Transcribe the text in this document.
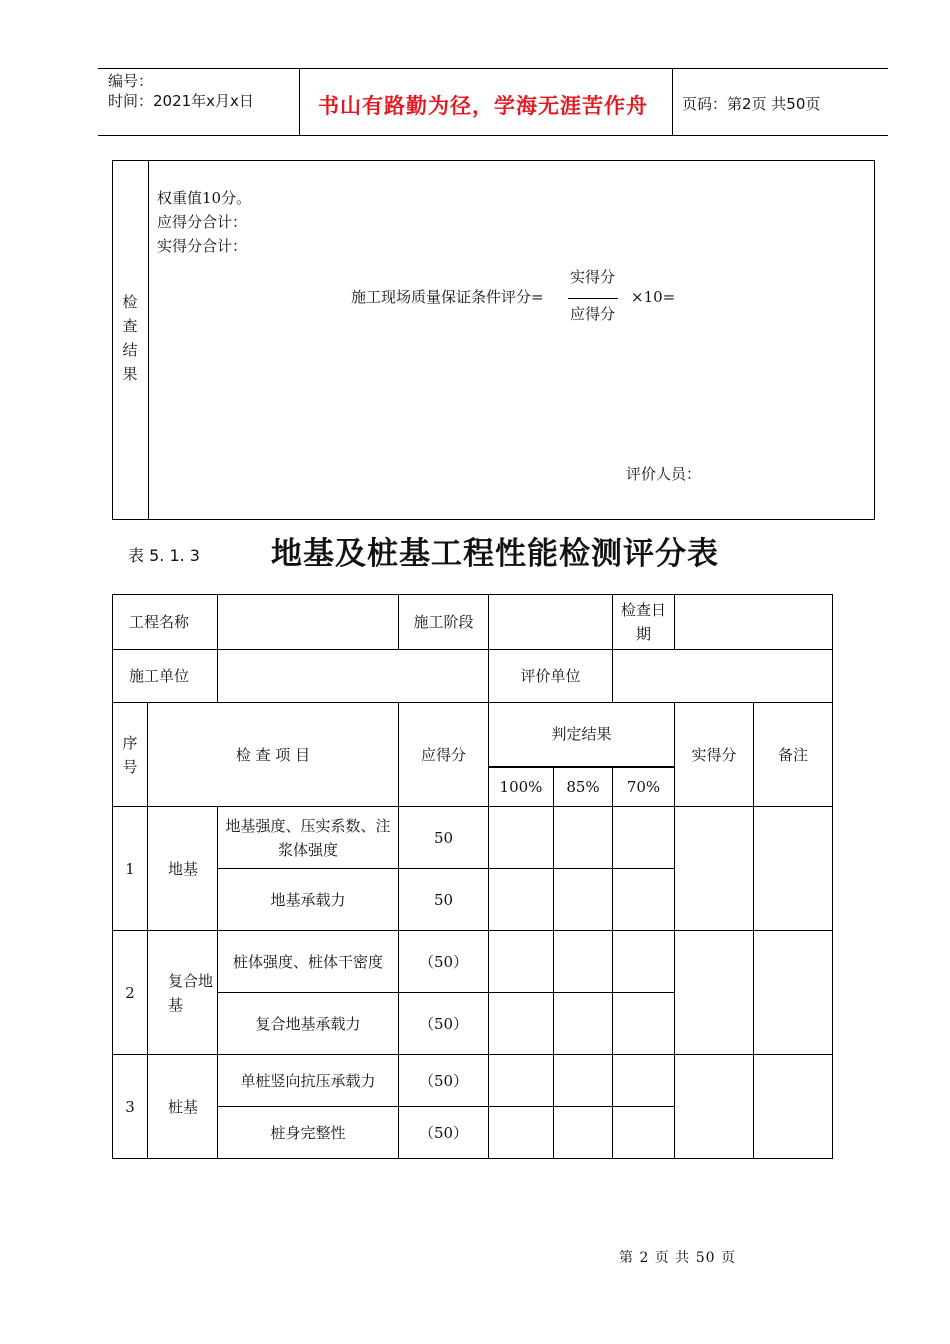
编号：
时间：2021年x月x日	书山有路勤为径，学海无涯苦作舟 页码：第2页 共50页
检
查
结
果
权重值10分。
应得分合计：
实得分合计：
施工现场质量保证条件评分=
实得分
应得分
×10=
评价人员：
表 5. 1. 3 地基及桩基工程性能检测评分表
工程名称			施工阶段			检查日期		
施工单位				评价单位				
序
号	检 查 项 目		应得分	判定结果			实得分	备注
				100%	85%	70%		
1	地基	地基强度、压实系数、注浆体强度	50					
		地基承载力	50					
2	复合地基	桩体强度、桩体干密度	（50）					
		复合地基承载力	（50）					
3	桩基	单桩竖向抗压承载力	（50）					
		桩身完整性	（50）					
第 2 页 共 50 页
